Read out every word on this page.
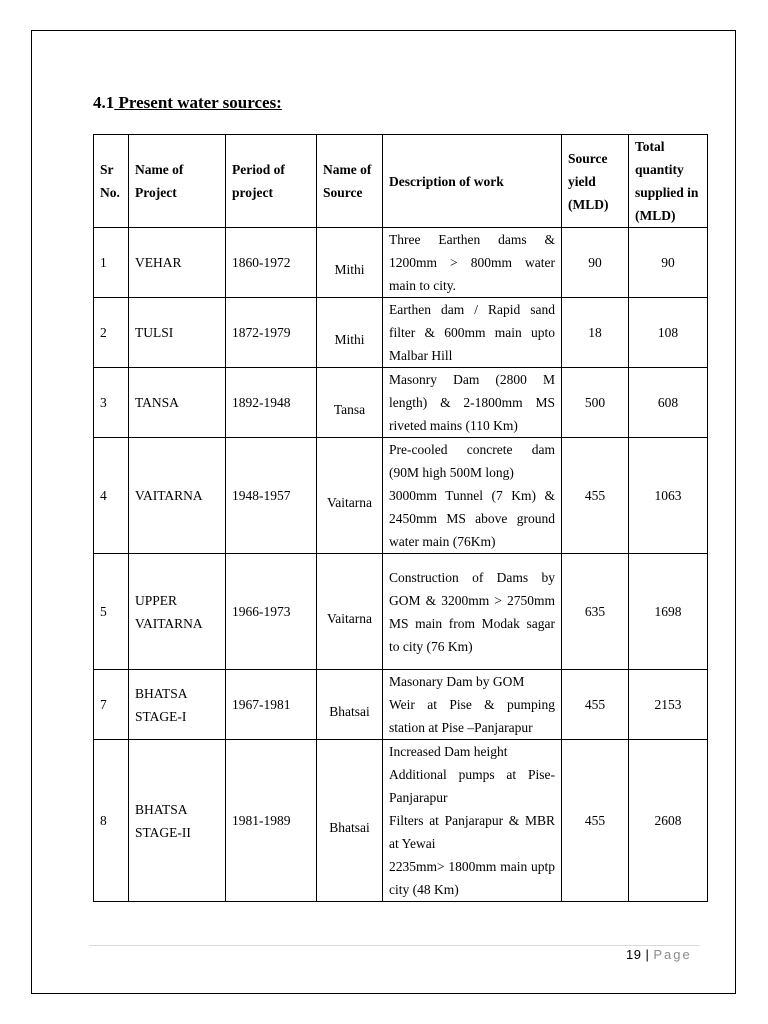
4.1 Present water sources:
Sr No.	Name of Project	Period of project	Name of Source	Description of work	Source yield (MLD)	Total quantity supplied in (MLD)
1	VEHAR	1860-1972	Mithi	Three Earthen dams & 1200mm > 800mm water main to city.	90	90
2	TULSI	1872-1979	Mithi	Earthen dam / Rapid sand filter & 600mm main upto Malbar Hill	18	108
3	TANSA	1892-1948	Tansa	Masonry Dam (2800 M length) & 2-1800mm MS riveted mains (110 Km)	500	608
4	VAITARNA	1948-1957	Vaitarna	Pre-cooled concrete dam (90M high 500M long)
3000mm Tunnel (7 Km) & 2450mm MS above ground water main (76Km)	455	1063
5	UPPER VAITARNA	1966-1973	Vaitarna	Construction of Dams by GOM & 3200mm > 2750mm MS main from Modak sagar to city (76 Km)	635	1698
7	BHATSA STAGE-I	1967-1981	Bhatsai	Masonary Dam by GOM
Weir at Pise & pumping station at Pise –Panjarapur	455	2153
8	BHATSA STAGE-II	1981-1989	Bhatsai	Increased Dam height
Additional pumps at Pise-Panjarapur
Filters at Panjarapur & MBR at Yewai
2235mm> 1800mm main uptp city (48 Km)	455	2608
19 | Page
